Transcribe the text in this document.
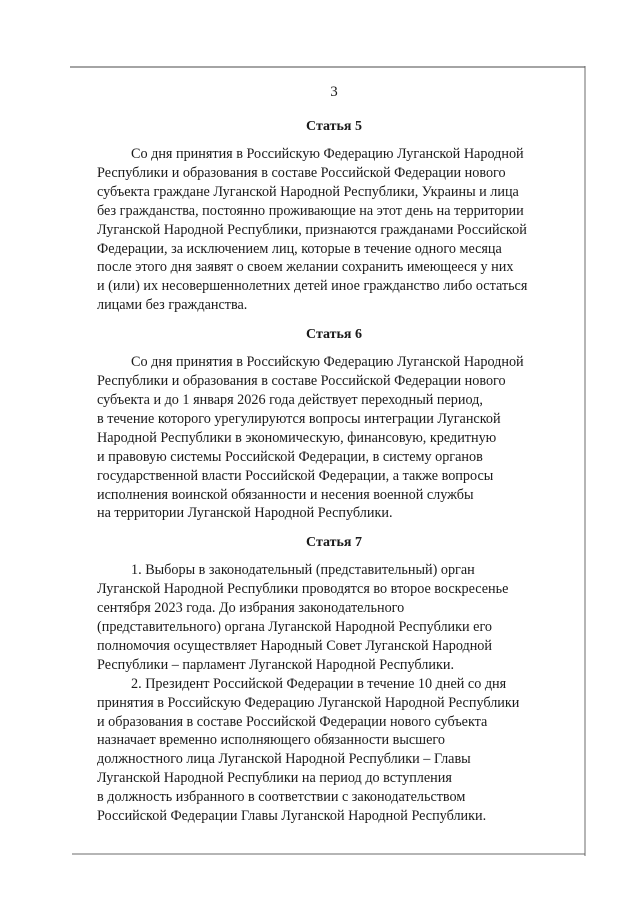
3
Статья 5

Со дня принятия в Российскую Федерацию Луганской Народной
Республики и образования в составе Российской Федерации нового
субъекта граждане Луганской Народной Республики, Украины и лица
без гражданства, постоянно проживающие на этот день на территории
Луганской Народной Республики, признаются гражданами Российской
Федерации, за исключением лиц, которые в течение одного месяца
после этого дня заявят о своем желании сохранить имеющееся у них
и (или) их несовершеннолетних детей иное гражданство либо остаться
лицами без гражданства.

Статья 6

Со дня принятия в Российскую Федерацию Луганской Народной
Республики и образования в составе Российской Федерации нового
субъекта и до 1 января 2026 года действует переходный период,
в течение которого урегулируются вопросы интеграции Луганской
Народной Республики в экономическую, финансовую, кредитную
и правовую системы Российской Федерации, в систему органов
государственной власти Российской Федерации, а также вопросы
исполнения воинской обязанности и несения военной службы
на территории Луганской Народной Республики.

Статья 7

1. Выборы в законодательный (представительный) орган
Луганской Народной Республики проводятся во второе воскресенье
сентября 2023 года. До избрания законодательного
(представительного) органа Луганской Народной Республики его
полномочия осуществляет Народный Совет Луганской Народной
Республики – парламент Луганской Народной Республики.

2. Президент Российской Федерации в течение 10 дней со дня
принятия в Российскую Федерацию Луганской Народной Республики
и образования в составе Российской Федерации нового субъекта
назначает временно исполняющего обязанности высшего
должностного лица Луганской Народной Республики – Главы
Луганской Народной Республики на период до вступления
в должность избранного в соответствии с законодательством
Российской Федерации Главы Луганской Народной Республики.
